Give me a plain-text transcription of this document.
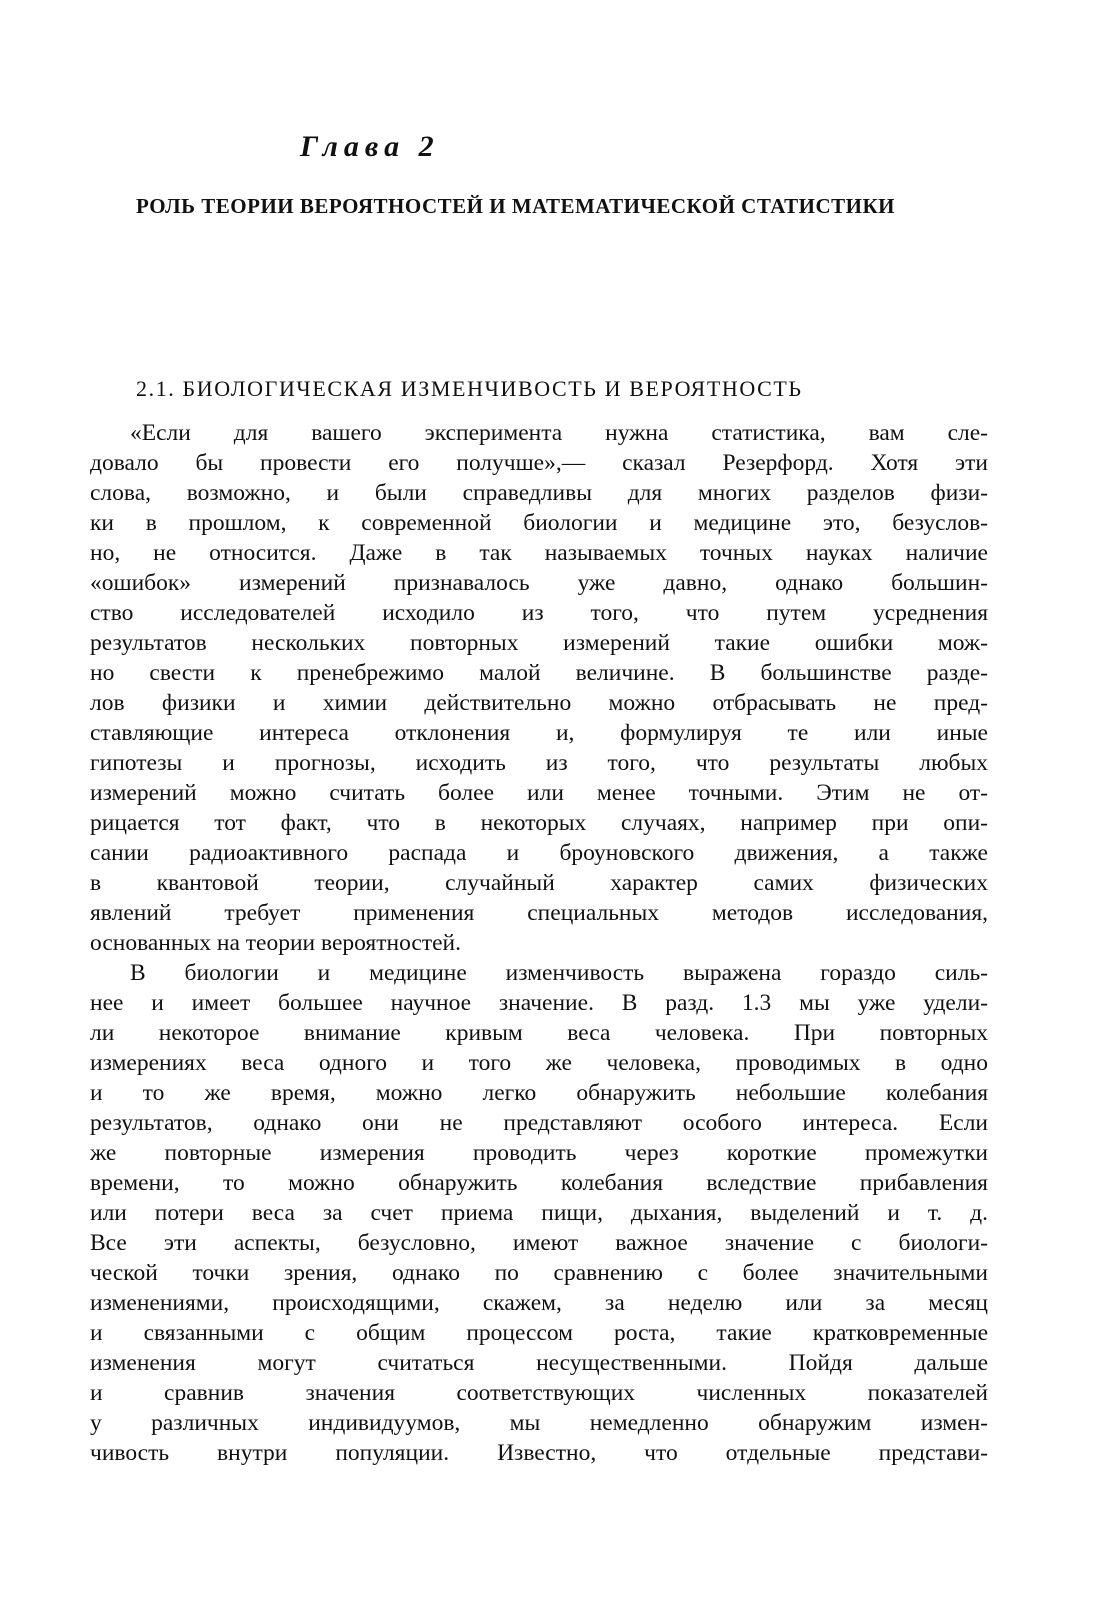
Глава 2
РОЛЬ ТЕОРИИ ВЕРОЯТНОСТЕЙ И МАТЕМАТИЧЕСКОЙ СТАТИСТИКИ
2.1. БИОЛОГИЧЕСКАЯ ИЗМЕНЧИВОСТЬ И ВЕРОЯТНОСТЬ
«Если для вашего эксперимента нужна статистика, вам сле-
довало бы провести его получше»,— сказал Резерфорд. Хотя эти
слова, возможно, и были справедливы для многих разделов физи-
ки в прошлом, к современной биологии и медицине это, безуслов-
но, не относится. Даже в так называемых точных науках наличие
«ошибок» измерений признавалось уже давно, однако большин-
ство исследователей исходило из того, что путем усреднения
результатов нескольких повторных измерений такие ошибки мож-
но свести к пренебрежимо малой величине. В большинстве разде-
лов физики и химии действительно можно отбрасывать не пред-
ставляющие интереса отклонения и, формулируя те или иные
гипотезы и прогнозы, исходить из того, что результаты любых
измерений можно считать более или менее точными. Этим не от-
рицается тот факт, что в некоторых случаях, например при опи-
сании радиоактивного распада и броуновского движения, а также
в квантовой теории, случайный характер самих физических
явлений требует применения специальных методов исследования,
основанных на теории вероятностей.
В биологии и медицине изменчивость выражена гораздо силь-
нее и имеет большее научное значение. В разд. 1.3 мы уже удели-
ли некоторое внимание кривым веса человека. При повторных
измерениях веса одного и того же человека, проводимых в одно
и то же время, можно легко обнаружить небольшие колебания
результатов, однако они не представляют особого интереса. Если
же повторные измерения проводить через короткие промежутки
времени, то можно обнаружить колебания вследствие прибавления
или потери веса за счет приема пищи, дыхания, выделений и т. д.
Все эти аспекты, безусловно, имеют важное значение с биологи-
ческой точки зрения, однако по сравнению с более значительными
изменениями, происходящими, скажем, за неделю или за месяц
и связанными с общим процессом роста, такие кратковременные
изменения могут считаться несущественными. Пойдя дальше
и сравнив значения соответствующих численных показателей
у различных индивидуумов, мы немедленно обнаружим измен-
чивость внутри популяции. Известно, что отдельные представи-
